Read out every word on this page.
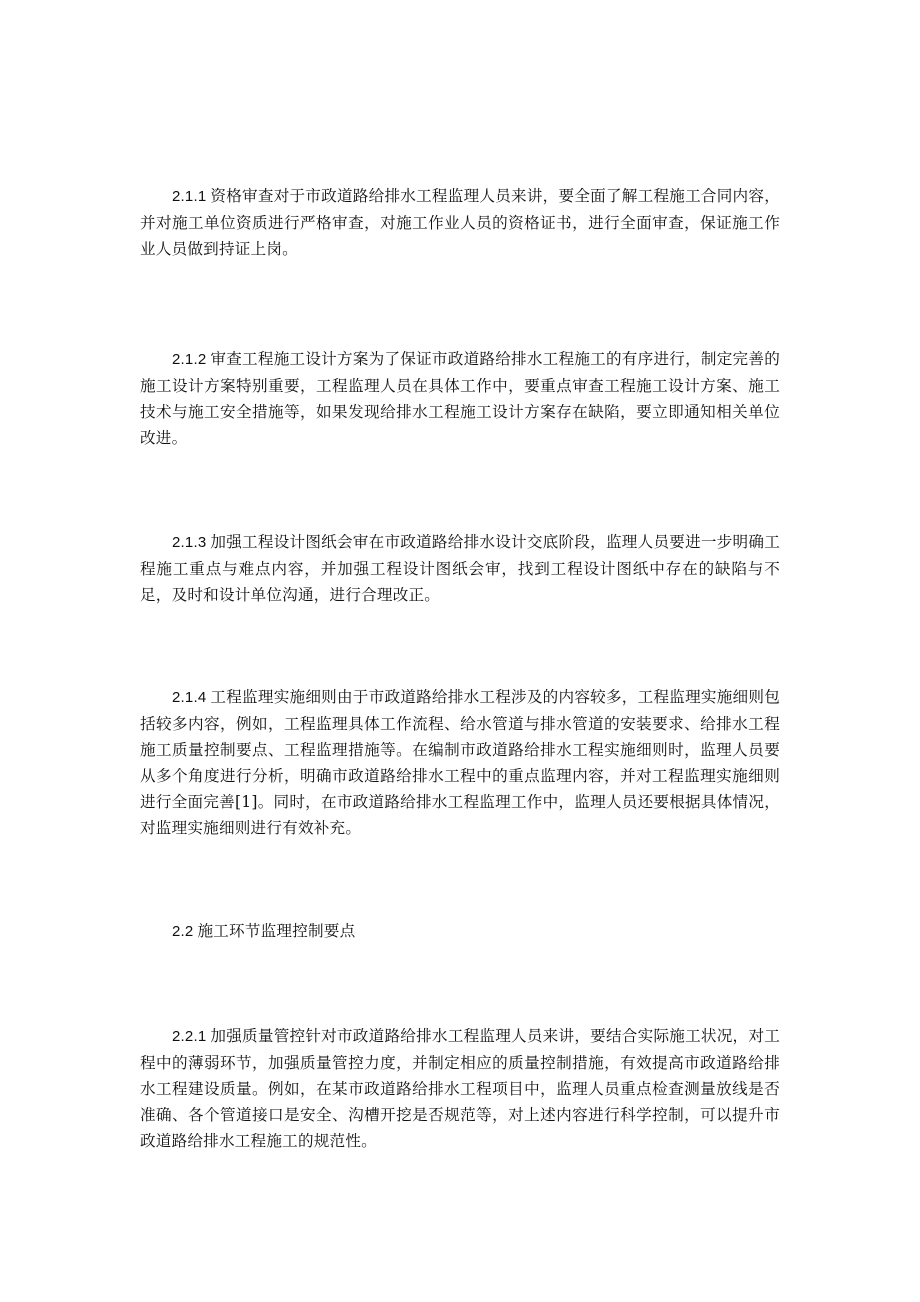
2.1.1 资格审查对于市政道路给排水工程监理人员来讲，要全面了解工程施工合同内容，并对施工单位资质进行严格审查，对施工作业人员的资格证书，进行全面审查，保证施工作业人员做到持证上岗。

2.1.2 审查工程施工设计方案为了保证市政道路给排水工程施工的有序进行，制定完善的施工设计方案特别重要，工程监理人员在具体工作中，要重点审查工程施工设计方案、施工技术与施工安全措施等，如果发现给排水工程施工设计方案存在缺陷，要立即通知相关单位改进。

2.1.3 加强工程设计图纸会审在市政道路给排水设计交底阶段，监理人员要进一步明确工程施工重点与难点内容，并加强工程设计图纸会审，找到工程设计图纸中存在的缺陷与不足，及时和设计单位沟通，进行合理改正。

2.1.4 工程监理实施细则由于市政道路给排水工程涉及的内容较多，工程监理实施细则包括较多内容，例如，工程监理具体工作流程、给水管道与排水管道的安装要求、给排水工程施工质量控制要点、工程监理措施等。在编制市政道路给排水工程实施细则时，监理人员要从多个角度进行分析，明确市政道路给排水工程中的重点监理内容，并对工程监理实施细则进行全面完善[1]。同时，在市政道路给排水工程监理工作中，监理人员还要根据具体情况，对监理实施细则进行有效补充。

2.2 施工环节监理控制要点

2.2.1 加强质量管控针对市政道路给排水工程监理人员来讲，要结合实际施工状况，对工程中的薄弱环节，加强质量管控力度，并制定相应的质量控制措施，有效提高市政道路给排水工程建设质量。例如，在某市政道路给排水工程项目中，监理人员重点检查测量放线是否准确、各个管道接口是安全、沟槽开挖是否规范等，对上述内容进行科学控制，可以提升市政道路给排水工程施工的规范性。
